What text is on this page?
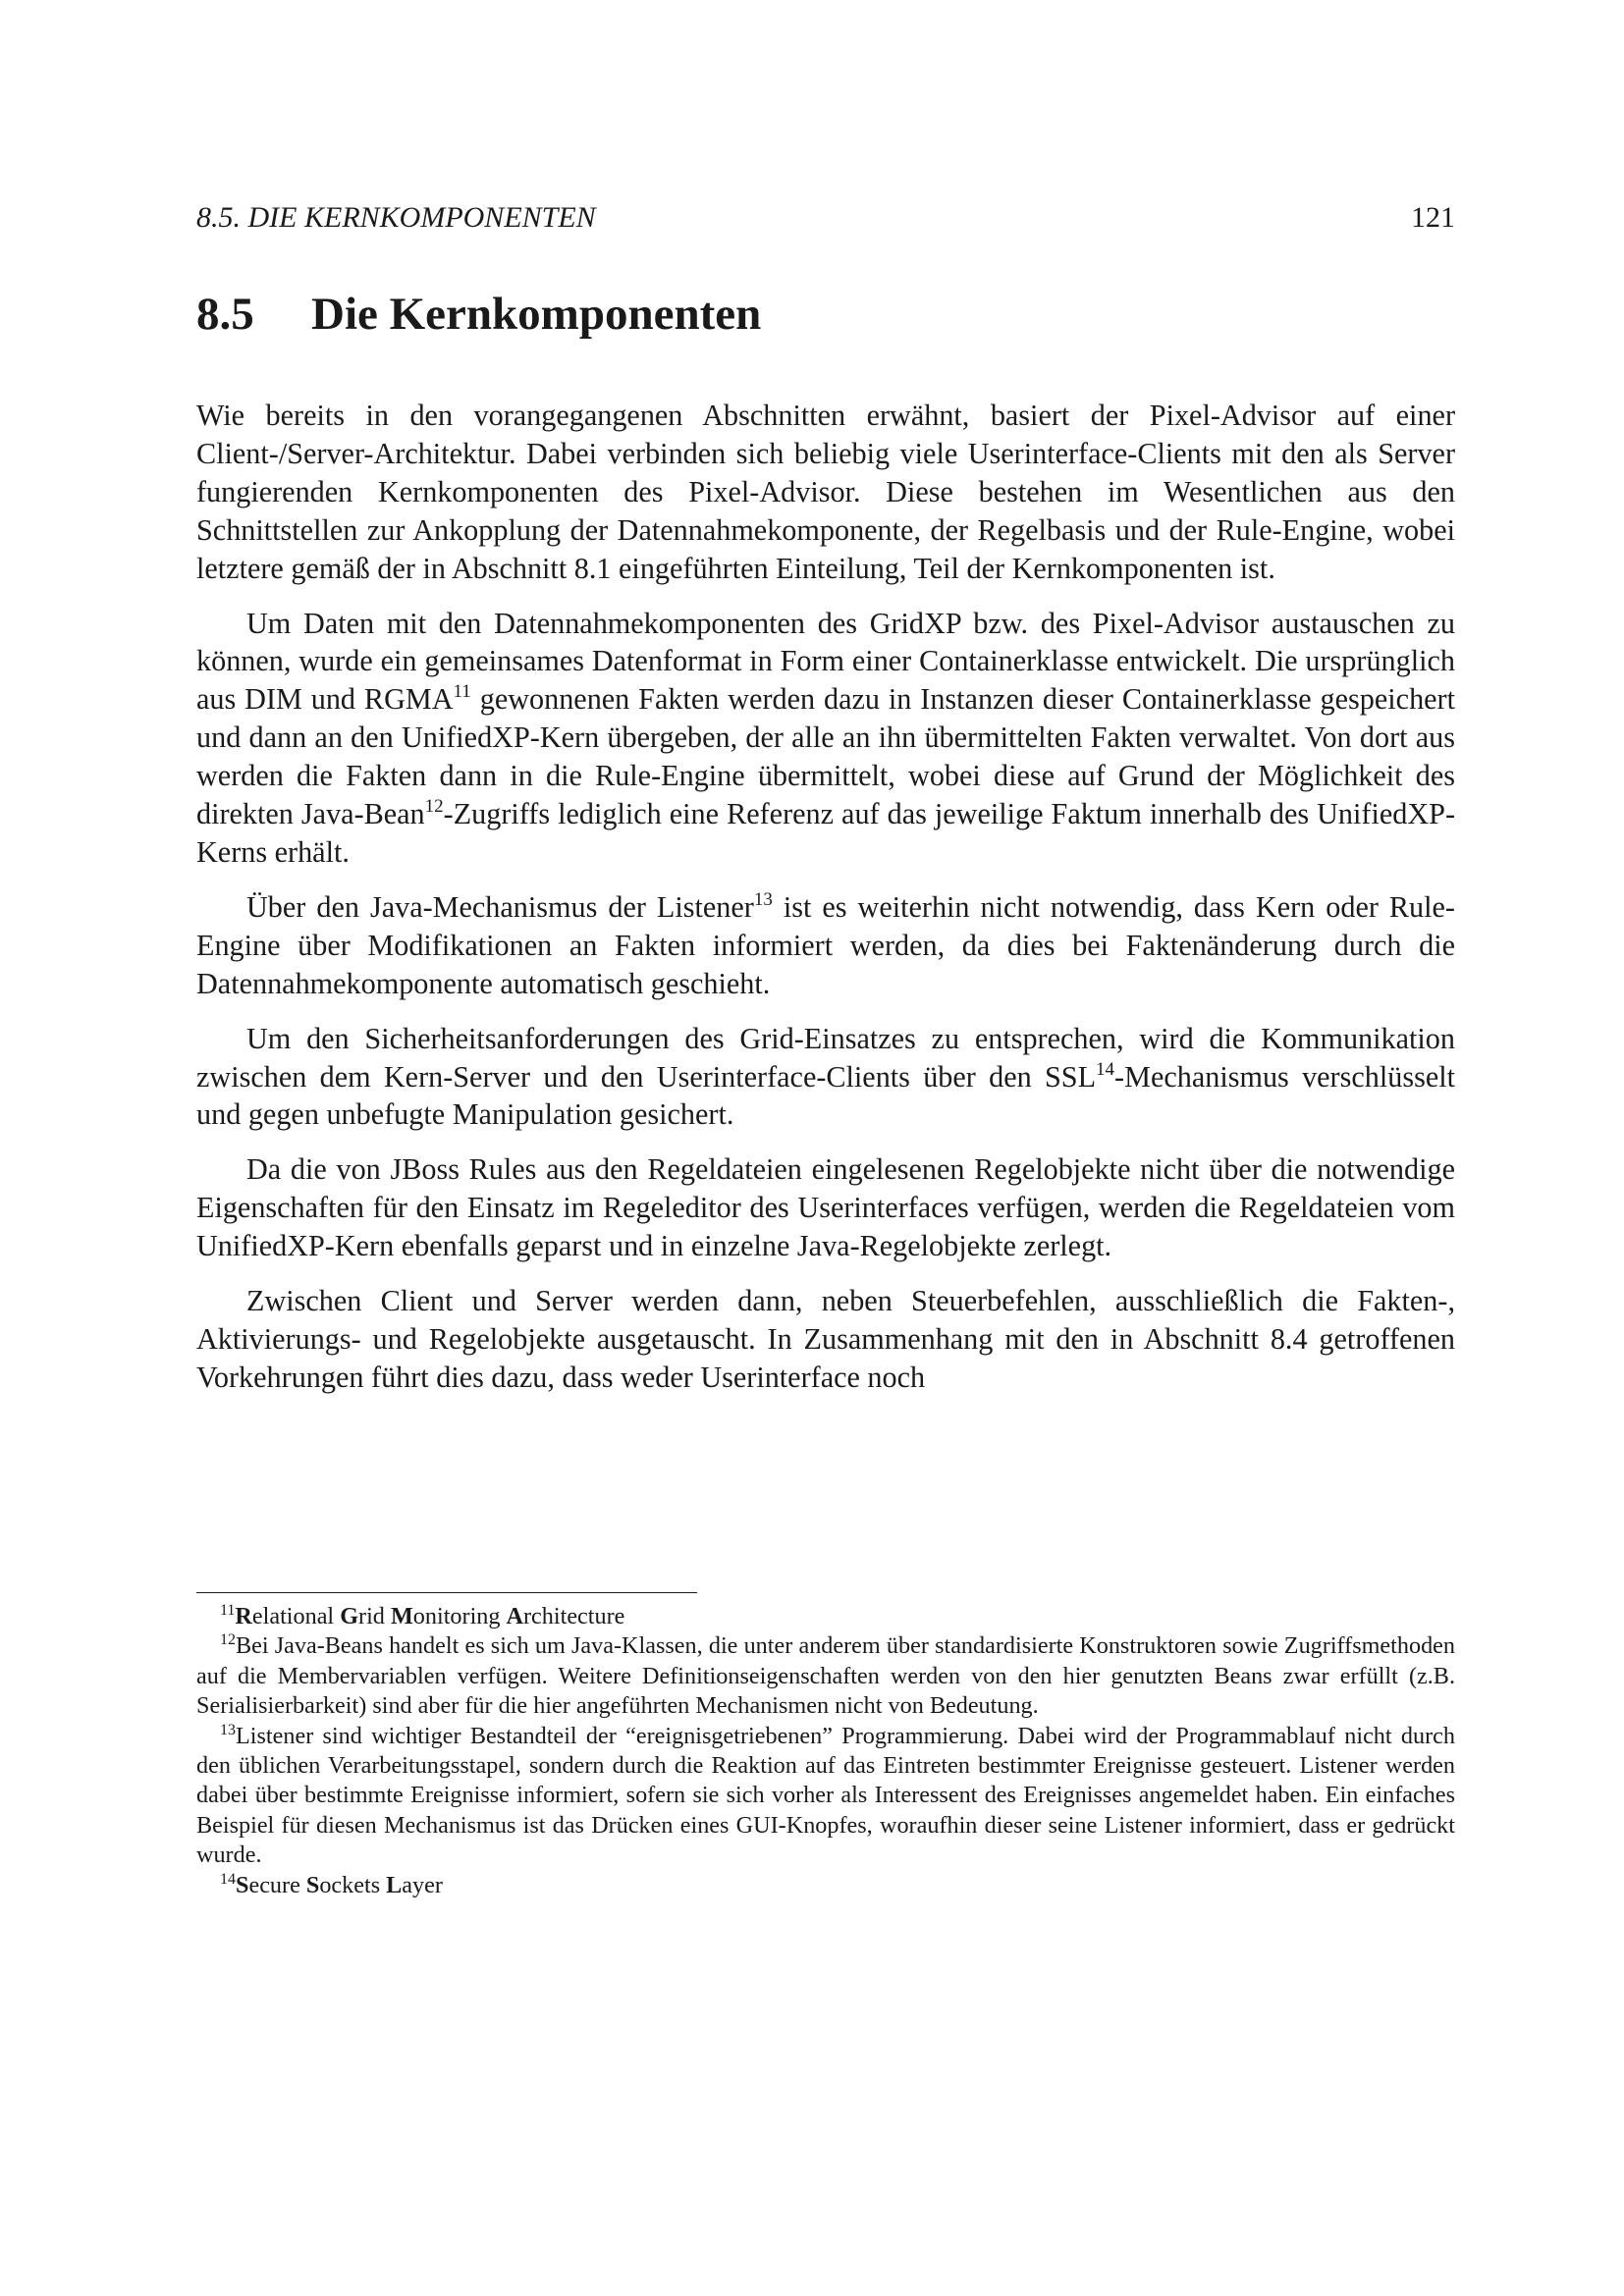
8.5. DIE KERNKOMPONENTEN	121
8.5 Die Kernkomponenten

Wie bereits in den vorangegangenen Abschnitten erwähnt, basiert der Pixel-Advisor auf einer Client-/Server-Architektur. Dabei verbinden sich beliebig viele Userinterface-Clients mit den als Server fungierenden Kernkomponenten des Pixel-Advisor. Diese bestehen im Wesentlichen aus den Schnittstellen zur Ankopplung der Datennahmekomponente, der Regelbasis und der Rule-Engine, wobei letztere gemäß der in Abschnitt 8.1 eingeführten Einteilung, Teil der Kernkomponenten ist.

Um Daten mit den Datennahmekomponenten des GridXP bzw. des Pixel-Advisor austauschen zu können, wurde ein gemeinsames Datenformat in Form einer Containerklasse entwickelt. Die ursprünglich aus DIM und RGMA$^{11}$ gewonnenen Fakten werden dazu in Instanzen dieser Containerklasse gespeichert und dann an den UnifiedXP-Kern übergeben, der alle an ihn übermittelten Fakten verwaltet. Von dort aus werden die Fakten dann in die Rule-Engine übermittelt, wobei diese auf Grund der Möglichkeit des direkten Java-Bean$^{12}$-Zugriffs lediglich eine Referenz auf das jeweilige Faktum innerhalb des UnifiedXP-Kerns erhält.

Über den Java-Mechanismus der Listener$^{13}$ ist es weiterhin nicht notwendig, dass Kern oder Rule-Engine über Modifikationen an Fakten informiert werden, da dies bei Faktenänderung durch die Datennahmekomponente automatisch geschieht.

Um den Sicherheitsanforderungen des Grid-Einsatzes zu entsprechen, wird die Kommunikation zwischen dem Kern-Server und den Userinterface-Clients über den SSL$^{14}$-Mechanismus verschlüsselt und gegen unbefugte Manipulation gesichert.

Da die von JBoss Rules aus den Regeldateien eingelesenen Regelobjekte nicht über die notwendige Eigenschaften für den Einsatz im Regeleditor des Userinterfaces verfügen, werden die Regeldateien vom UnifiedXP-Kern ebenfalls geparst und in einzelne Java-Regelobjekte zerlegt.

Zwischen Client und Server werden dann, neben Steuerbefehlen, ausschließlich die Fakten-, Aktivierungs- und Regelobjekte ausgetauscht. In Zusammenhang mit den in Abschnitt 8.4 getroffenen Vorkehrungen führt dies dazu, dass weder Userinterface noch

$^{11}$Relational Grid Monitoring Architecture

$^{12}$Bei Java-Beans handelt es sich um Java-Klassen, die unter anderem über standardisierte Konstruktoren sowie Zugriffsmethoden auf die Membervariablen verfügen. Weitere Definitionseigenschaften werden von den hier genutzten Beans zwar erfüllt (z.B. Serialisierbarkeit) sind aber für die hier angeführten Mechanismen nicht von Bedeutung.

$^{13}$Listener sind wichtiger Bestandteil der “ereignisgetriebenen” Programmierung. Dabei wird der Programmablauf nicht durch den üblichen Verarbeitungsstapel, sondern durch die Reaktion auf das Eintreten bestimmter Ereignisse gesteuert. Listener werden dabei über bestimmte Ereignisse informiert, sofern sie sich vorher als Interessent des Ereignisses angemeldet haben. Ein einfaches Beispiel für diesen Mechanismus ist das Drücken eines GUI-Knopfes, woraufhin dieser seine Listener informiert, dass er gedrückt wurde.

$^{14}$Secure Sockets Layer
